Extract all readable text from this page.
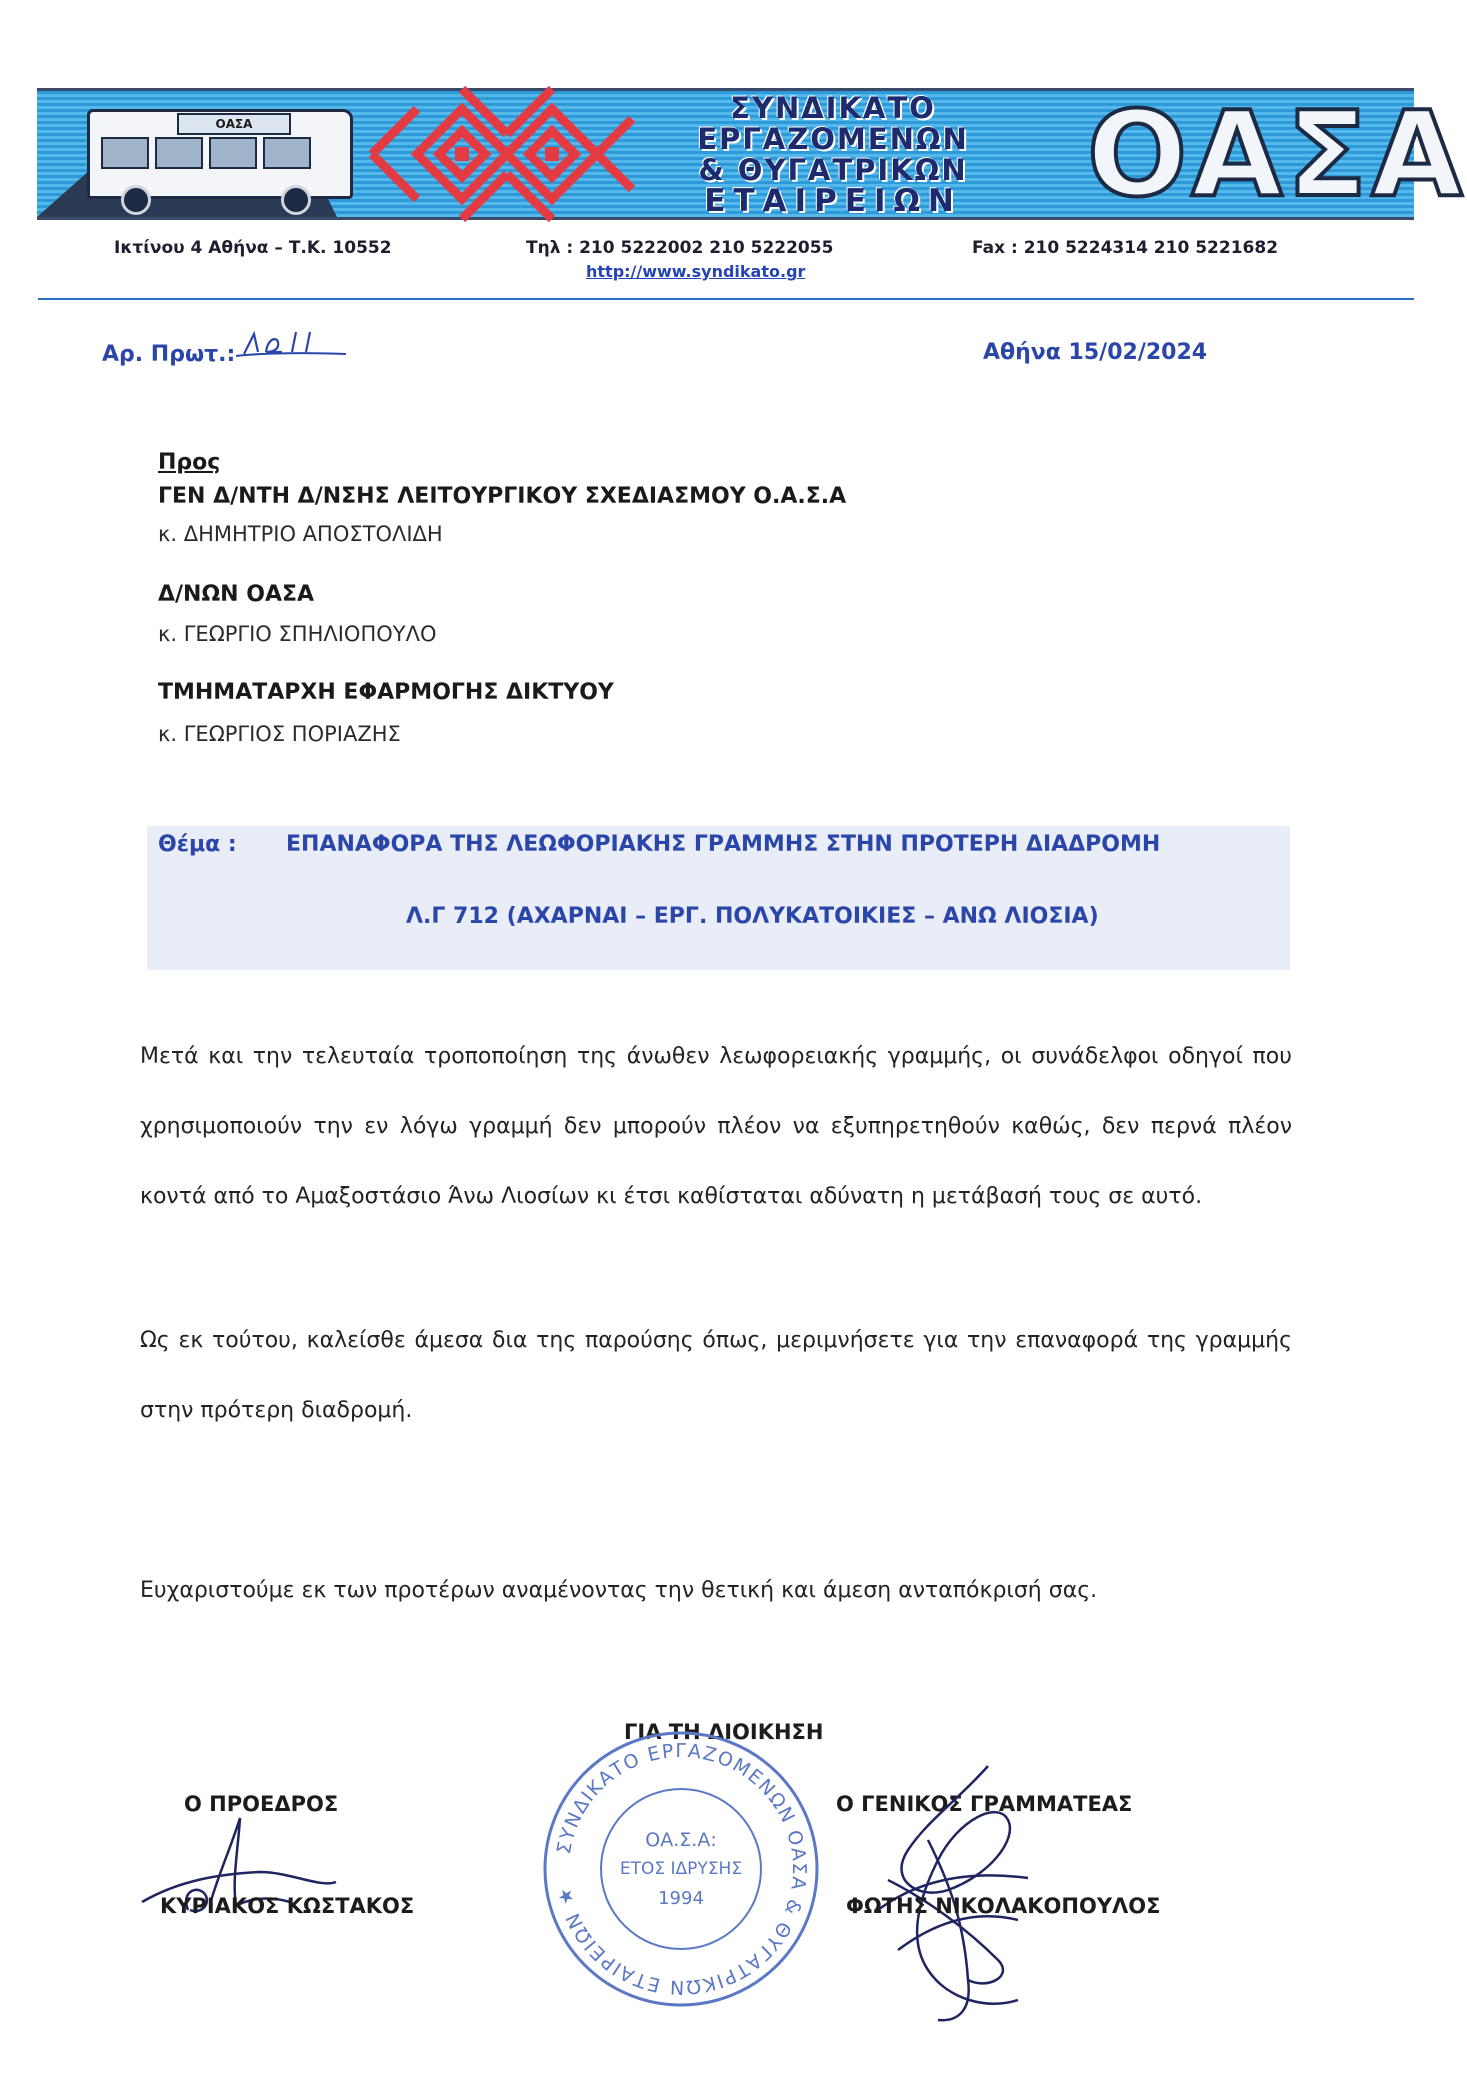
ΟΑΣΑ	ΣΥΝΔΙΚΑΤΟ
ΕΡΓΑΖΟΜΕΝΩΝ
& ΘΥΓΑΤΡΙΚΩΝ
ΕΤΑΙΡΕΙΩΝ	ΟΑΣΑ
Ικτίνου 4 Αθήνα – Τ.Κ. 10552	Τηλ : 210 5222002 210 5222055	Fax : 210 5224314 210 5221682
http://www.syndikato.gr
Αρ. Πρωτ.:	Αθήνα 15/02/2024
Προς
ΓΕΝ Δ/ΝΤΗ Δ/ΝΣΗΣ ΛΕΙΤΟΥΡΓΙΚΟΥ ΣΧΕΔΙΑΣΜΟΥ Ο.Α.Σ.Α
κ. ΔΗΜΗΤΡΙΟ ΑΠΟΣΤΟΛΙΔΗ
Δ/ΝΩΝ ΟΑΣΑ
κ. ΓΕΩΡΓΙΟ ΣΠΗΛΙΟΠΟΥΛΟ
ΤΜΗΜΑΤΑΡΧΗ ΕΦΑΡΜΟΓΗΣ ΔΙΚΤΥΟΥ
κ. ΓΕΩΡΓΙΟΣ ΠΟΡΙΑΖΗΣ
Θέμα : ΕΠΑΝΑΦΟΡΑ ΤΗΣ ΛΕΩΦΟΡΙΑΚΗΣ ΓΡΑΜΜΗΣ ΣΤΗΝ ΠΡΟΤΕΡΗ ΔΙΑΔΡΟΜΗ
Λ.Γ 712 (ΑΧΑΡΝΑΙ – ΕΡΓ. ΠΟΛΥΚΑΤΟΙΚΙΕΣ – ΑΝΩ ΛΙΟΣΙΑ)
Μετά και την τελευταία τροποποίηση της άνωθεν λεωφορειακής γραμμής, οι συνάδελφοι οδηγοί που χρησιμοποιούν την εν λόγω γραμμή δεν μπορούν πλέον να εξυπηρετηθούν καθώς, δεν περνά πλέον κοντά από το Αμαξοστάσιο Άνω Λιοσίων κι έτσι καθίσταται αδύνατη η μετάβασή τους σε αυτό.
Ως εκ τούτου, καλείσθε άμεσα δια της παρούσης όπως, μεριμνήσετε για την επαναφορά της γραμμής στην πρότερη διαδρομή.
Ευχαριστούμε εκ των προτέρων αναμένοντας την θετική και άμεση ανταπόκρισή σας.
ΓΙΑ ΤΗ ΔΙΟΙΚΗΣΗ
Ο ΠΡΟΕΔΡΟΣ
ΚΥΡΙΑΚΟΣ ΚΩΣΤΑΚΟΣ
ΣΥΝΔΙΚΑΤΟ ΕΡΓΑΖΟΜΕΝΩΝ ΟΑΣΑ & ΘΥΓΑΤΡΙΚΩΝ ΕΤΑΙΡΕΙΩΝ ★
ΟΑ.Σ.Α:
ΕΤΟΣ ΙΔΡΥΣΗΣ
1994
Ο ΓΕΝΙΚΟΣ ΓΡΑΜΜΑΤΕΑΣ
ΦΩΤΗΣ ΝΙΚΟΛΑΚΟΠΟΥΛΟΣ
